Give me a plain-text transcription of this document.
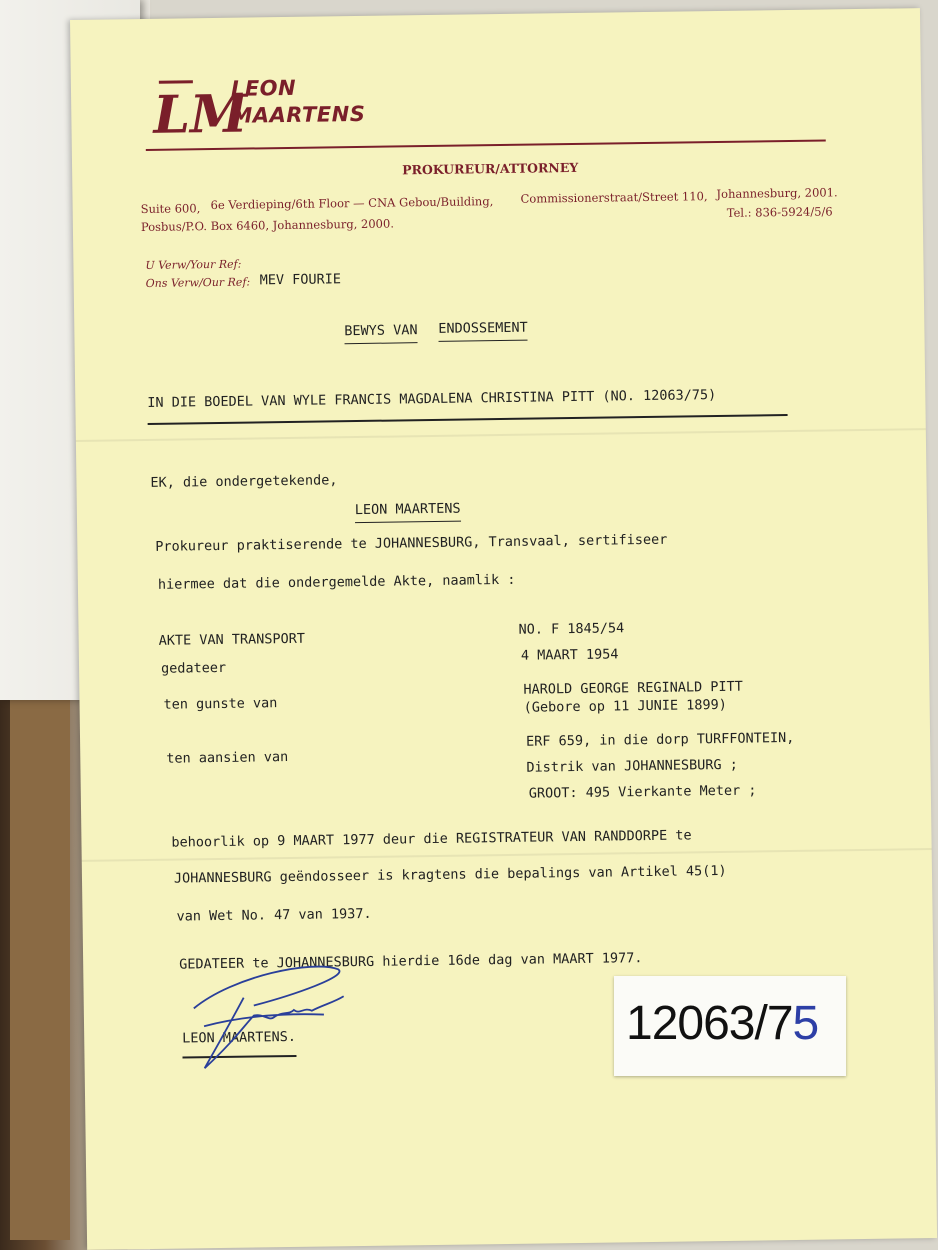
LM
LEON
MAARTENS
PROKUREUR/ATTORNEY
Suite 600, 6e Verdieping/6th Floor — CNA Gebou/Building, Commissionerstraat/Street 110, Johannesburg, 2001.
Posbus/P.O. Box 6460, Johannesburg, 2000.
Tel.: 836-5924/5/6
U Verw/Your Ref:
Ons Verw/Our Ref: MEV FOURIE
BEWYS VAN ENDOSSEMENT
IN DIE BOEDEL VAN WYLE FRANCIS MAGDALENA CHRISTINA PITT (NO. 12063/75)
EK, die ondergetekende,
LEON MAARTENS
Prokureur praktiserende te JOHANNESBURG, Transvaal, sertifiseer
hiermee dat die ondergemelde Akte, naamlik :
AKTE VAN TRANSPORT
NO. F 1845/54
gedateer
4 MAART 1954
ten gunste van
HAROLD GEORGE REGINALD PITT
(Gebore op 11 JUNIE 1899)
ten aansien van
ERF 659, in die dorp TURFFONTEIN,
Distrik van JOHANNESBURG ;
GROOT: 495 Vierkante Meter ;
behoorlik op 9 MAART 1977 deur die REGISTRATEUR VAN RANDDORPE te
JOHANNESBURG geëndosseer is kragtens die bepalings van Artikel 45(1)
van Wet No. 47 van 1937.
GEDATEER te JOHANNESBURG hierdie 16de dag van MAART 1977.
LEON MAARTENS.	12063/75
